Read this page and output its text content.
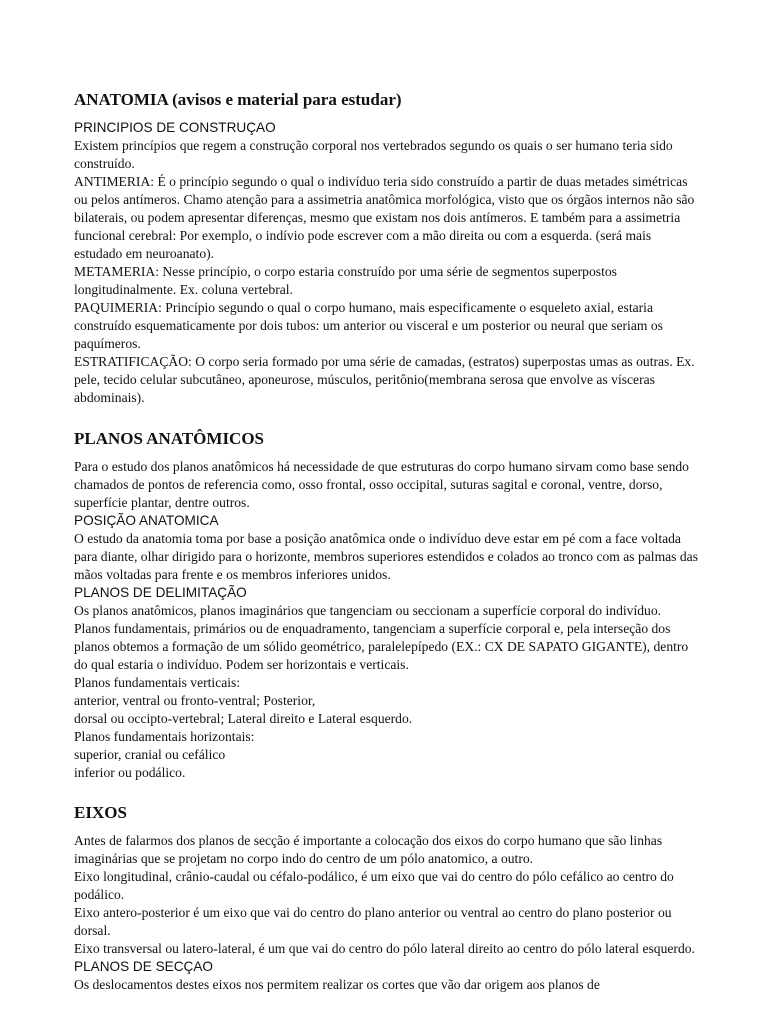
ANATOMIA (avisos e material para estudar)

PRINCIPIOS DE CONSTRUÇAO

Existem princípios que regem a construção corporal nos vertebrados segundo os quais o ser humano teria sido construído.

ANTIMERIA: É o princípio segundo o qual o indivíduo teria sido construído a partir de duas metades simétricas ou pelos antímeros. Chamo atenção para a assimetria anatômica morfológica, visto que os órgãos internos não são bilaterais, ou podem apresentar diferenças, mesmo que existam nos dois antímeros. E também para a assimetria funcional cerebral: Por exemplo, o indívio pode escrever com a mão direita ou com a esquerda. (será mais estudado em neuroanato).

METAMERIA: Nesse princípio, o corpo estaria construído por uma série de segmentos superpostos longitudinalmente. Ex. coluna vertebral.

PAQUIMERIA: Princípio segundo o qual o corpo humano, mais especificamente o esqueleto axial, estaria construído esquematicamente por dois tubos: um anterior ou visceral e um posterior ou neural que seriam os paquímeros.

ESTRATIFICAÇÃO: O corpo seria formado por uma série de camadas, (estratos) superpostas umas as outras. Ex. pele, tecido celular subcutâneo, aponeurose, músculos, peritônio(membrana serosa que envolve as vísceras abdominais).

PLANOS ANATÔMICOS

Para o estudo dos planos anatômicos há necessidade de que estruturas do corpo humano sirvam como base sendo chamados de pontos de referencia como, osso frontal, osso occipital, suturas sagital e coronal, ventre, dorso, superfície plantar, dentre outros.

POSIÇÃO ANATOMICA

O estudo da anatomia toma por base a posição anatômica onde o indivíduo deve estar em pé com a face voltada para diante, olhar dirigido para o horizonte, membros superiores estendidos e colados ao tronco com as palmas das mãos voltadas para frente e os membros inferiores unidos.

PLANOS DE DELIMITAÇÃO

Os planos anatômicos, planos imaginários que tangenciam ou seccionam a superfície corporal do indivíduo.

Planos fundamentais, primários ou de enquadramento, tangenciam a superfície corporal e, pela interseção dos planos obtemos a formação de um sólido geométrico, paralelepípedo (EX.: CX DE SAPATO GIGANTE), dentro do qual estaria o indivíduo. Podem ser horizontais e verticais.

Planos fundamentais verticais:

anterior, ventral ou fronto-ventral; Posterior,

dorsal ou occipto-vertebral; Lateral direito e Lateral esquerdo.

Planos fundamentais horizontais:

superior, cranial ou cefálico

inferior ou podálico.

EIXOS

Antes de falarmos dos planos de secção é importante a colocação dos eixos do corpo humano que são linhas imaginárias que se projetam no corpo indo do centro de um pólo anatomico, a outro.

Eixo longitudinal, crânio-caudal ou céfalo-podálico, é um eixo que vai do centro do pólo cefálico ao centro do podálico.

Eixo antero-posterior é um eixo que vai do centro do plano anterior ou ventral ao centro do plano posterior ou dorsal.

Eixo transversal ou latero-lateral, é um que vai do centro do pólo lateral direito ao centro do pólo lateral esquerdo.

PLANOS DE SECÇAO

Os deslocamentos destes eixos nos permitem realizar os cortes que vão dar origem aos planos de
